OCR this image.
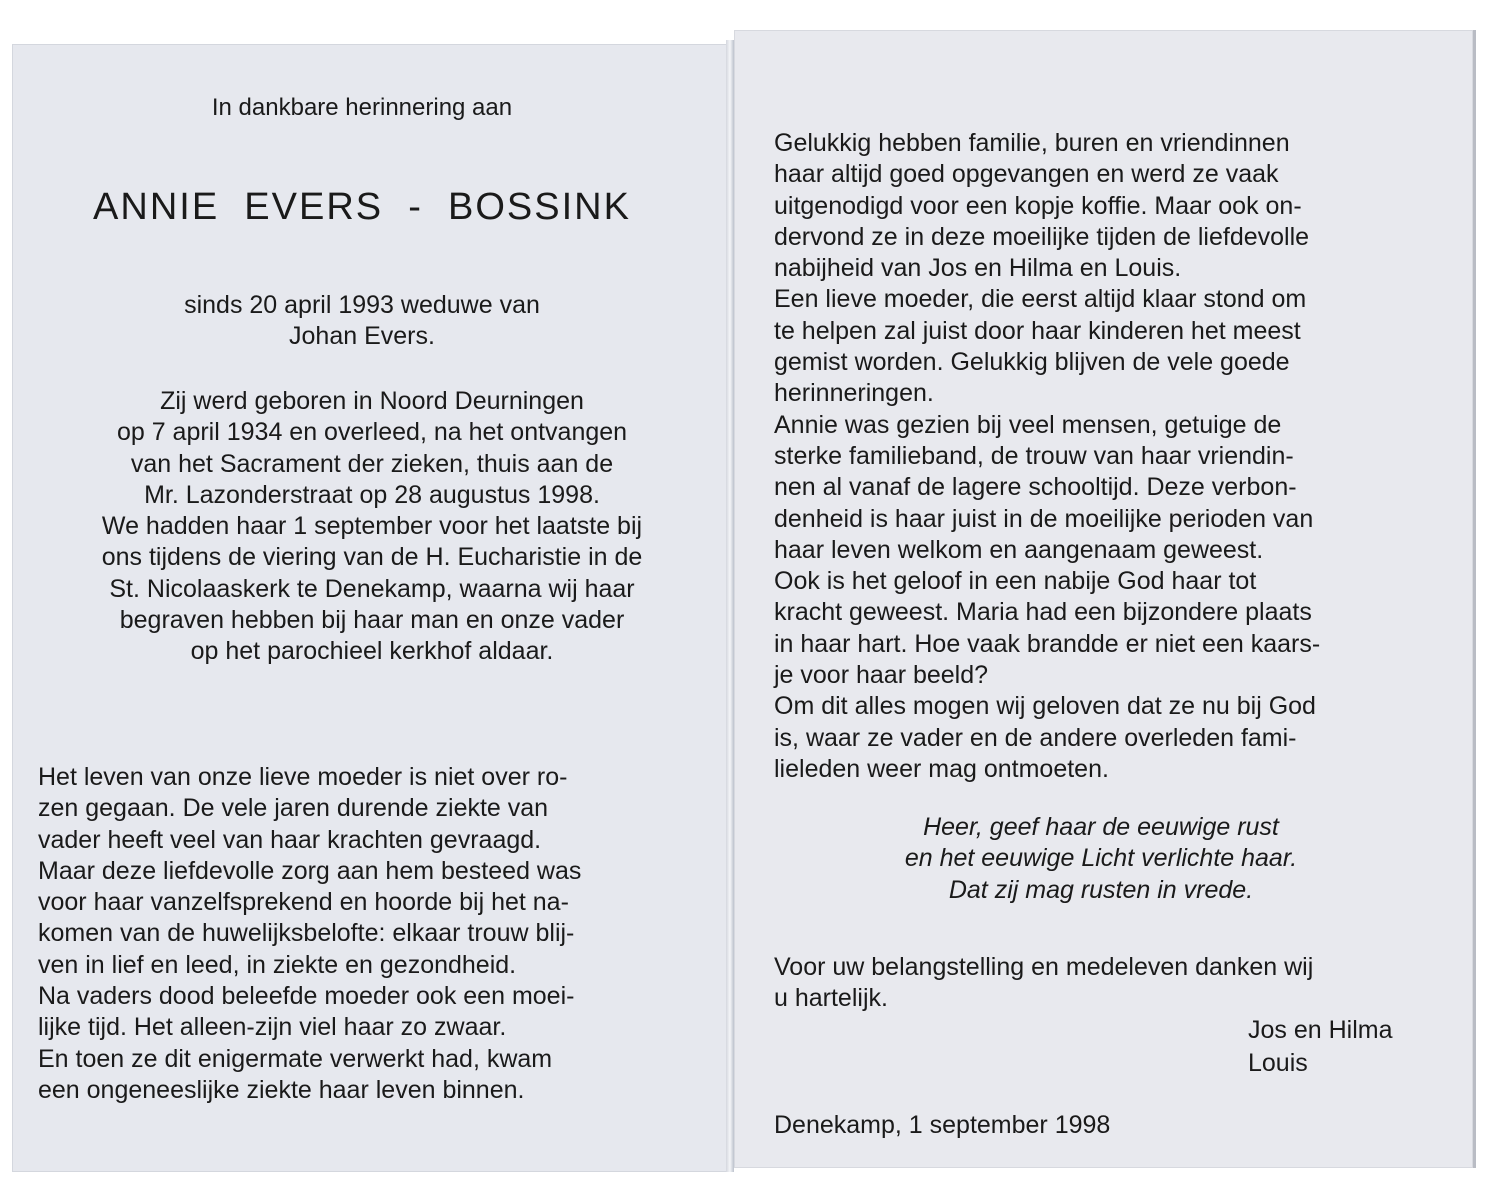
In dankbare herinnering aan

ANNIE  EVERS  -  BOSSINK

sinds 20 april 1993 weduwe van
Johan Evers.
Zij werd geboren in Noord Deurningen
op 7 april 1934 en overleed, na het ontvangen
van het Sacrament der zieken, thuis aan de
Mr. Lazonderstraat op 28 augustus 1998.
We hadden haar 1 september voor het laatste bij
ons tijdens de viering van de H. Eucharistie in de
St. Nicolaaskerk te Denekamp, waarna wij haar
begraven hebben bij haar man en onze vader
op het parochieel kerkhof aldaar.
Het leven van onze lieve moeder is niet over ro-
zen gegaan. De vele jaren durende ziekte van
vader heeft veel van haar krachten gevraagd.
Maar deze liefdevolle zorg aan hem besteed was
voor haar vanzelfsprekend en hoorde bij het na-
komen van de huwelijksbelofte: elkaar trouw blij-
ven in lief en leed, in ziekte en gezondheid.
Na vaders dood beleefde moeder ook een moei-
lijke tijd. Het alleen-zijn viel haar zo zwaar.
En toen ze dit enigermate verwerkt had, kwam
een ongeneeslijke ziekte haar leven binnen.
Gelukkig hebben familie, buren en vriendinnen
haar altijd goed opgevangen en werd ze vaak
uitgenodigd voor een kopje koffie. Maar ook on-
dervond ze in deze moeilijke tijden de liefdevolle
nabijheid van Jos en Hilma en Louis.
Een lieve moeder, die eerst altijd klaar stond om
te helpen zal juist door haar kinderen het meest
gemist worden. Gelukkig blijven de vele goede
herinneringen.
Annie was gezien bij veel mensen, getuige de
sterke familieband, de trouw van haar vriendin-
nen al vanaf de lagere schooltijd. Deze verbon-
denheid is haar juist in de moeilijke perioden van
haar leven welkom en aangenaam geweest.
Ook is het geloof in een nabije God haar tot
kracht geweest. Maria had een bijzondere plaats
in haar hart. Hoe vaak brandde er niet een kaars-
je voor haar beeld?
Om dit alles mogen wij geloven dat ze nu bij God
is, waar ze vader en de andere overleden fami-
lieleden weer mag ontmoeten.
Heer, geef haar de eeuwige rust
en het eeuwige Licht verlichte haar.
Dat zij mag rusten in vrede.
Voor uw belangstelling en medeleven danken wij
u hartelijk.
Jos en Hilma
Louis

Denekamp, 1 september 1998
